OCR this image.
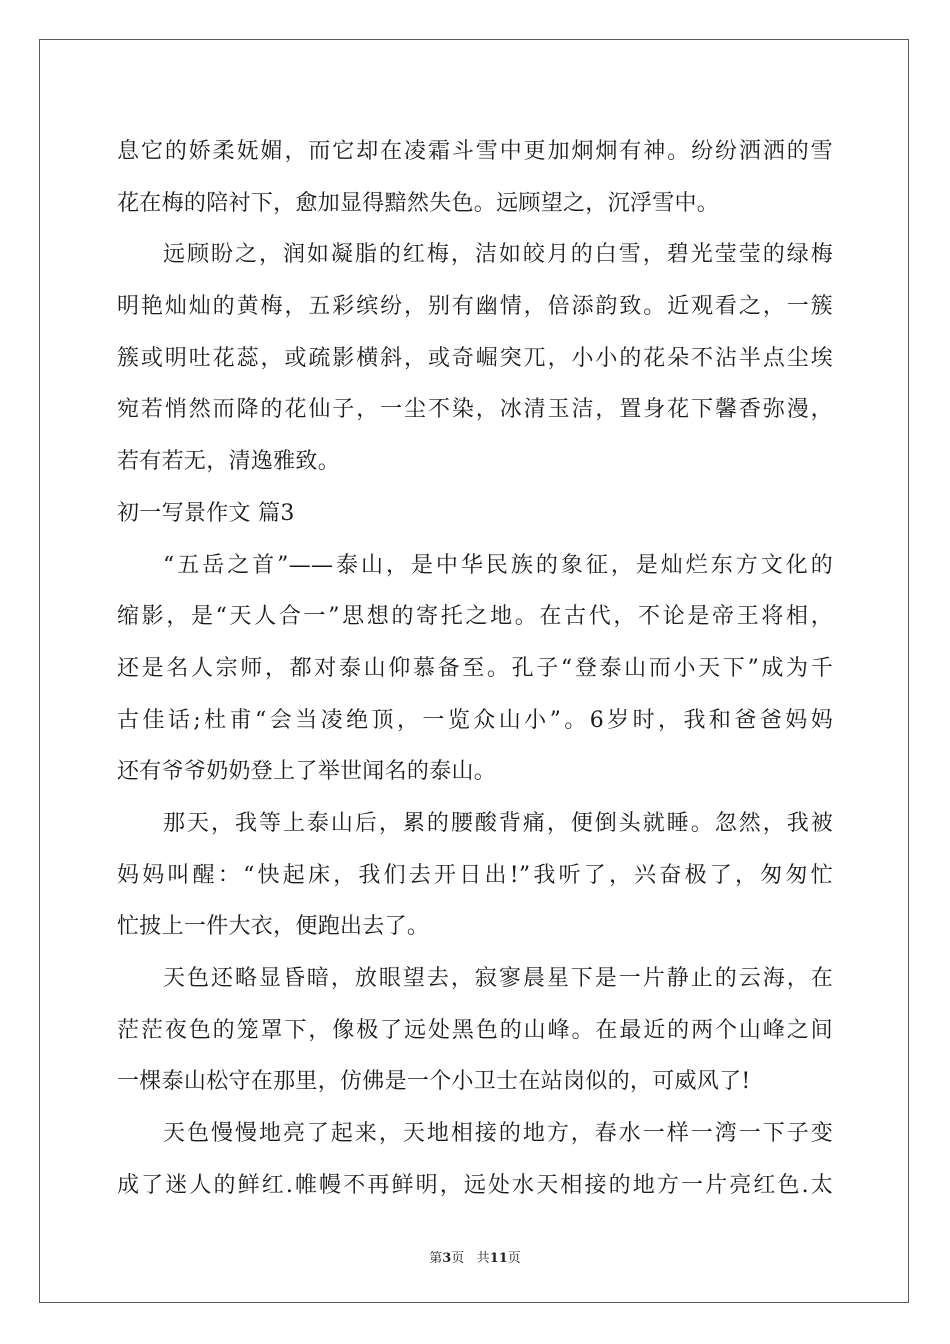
息它的娇柔妩媚，而它却在凌霜斗雪中更加炯炯有神。纷纷洒洒的雪
花在梅的陪衬下，愈加显得黯然失色。远顾望之，沉浮雪中。
远顾盼之，润如凝脂的红梅，洁如皎月的白雪，碧光莹莹的绿梅
明艳灿灿的黄梅，五彩缤纷，别有幽情，倍添韵致。近观看之，一簇
簇或明吐花蕊，或疏影横斜，或奇崛突兀，小小的花朵不沾半点尘埃
宛若悄然而降的花仙子，一尘不染，冰清玉洁，置身花下馨香弥漫，
若有若无，清逸雅致。
初一写景作文 篇3
“五岳之首”——泰山，是中华民族的象征，是灿烂东方文化的
缩影，是“天人合一”思想的寄托之地。在古代，不论是帝王将相，
还是名人宗师，都对泰山仰慕备至。孔子“登泰山而小天下”成为千
古佳话;杜甫“会当凌绝顶，一览众山小”。6岁时，我和爸爸妈妈
还有爷爷奶奶登上了举世闻名的泰山。
那天，我等上泰山后，累的腰酸背痛，便倒头就睡。忽然，我被
妈妈叫醒：“快起床，我们去开日出!”我听了，兴奋极了，匆匆忙
忙披上一件大衣，便跑出去了。
天色还略显昏暗，放眼望去，寂寥晨星下是一片静止的云海，在
茫茫夜色的笼罩下，像极了远处黑色的山峰。在最近的两个山峰之间
一棵泰山松守在那里，仿佛是一个小卫士在站岗似的，可威风了!
天色慢慢地亮了起来，天地相接的地方，春水一样一湾一下子变
成了迷人的鲜红.帷幔不再鲜明，远处水天相接的地方一片亮红色.太
第3页 共11页
